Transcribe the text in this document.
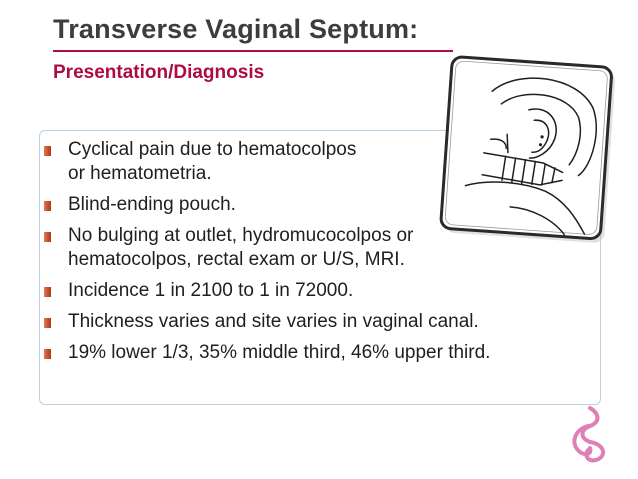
Transverse Vaginal Septum:
Presentation/Diagnosis
Cyclical pain due to hematocolpos
or hematometria.
Blind-ending pouch.
No bulging at outlet, hydromucocolpos or
hematocolpos, rectal exam or U/S, MRI.
Incidence 1 in 2100 to 1 in 72000.
Thickness varies and site varies in vaginal canal.
19% lower 1/3, 35% middle third, 46% upper third.
